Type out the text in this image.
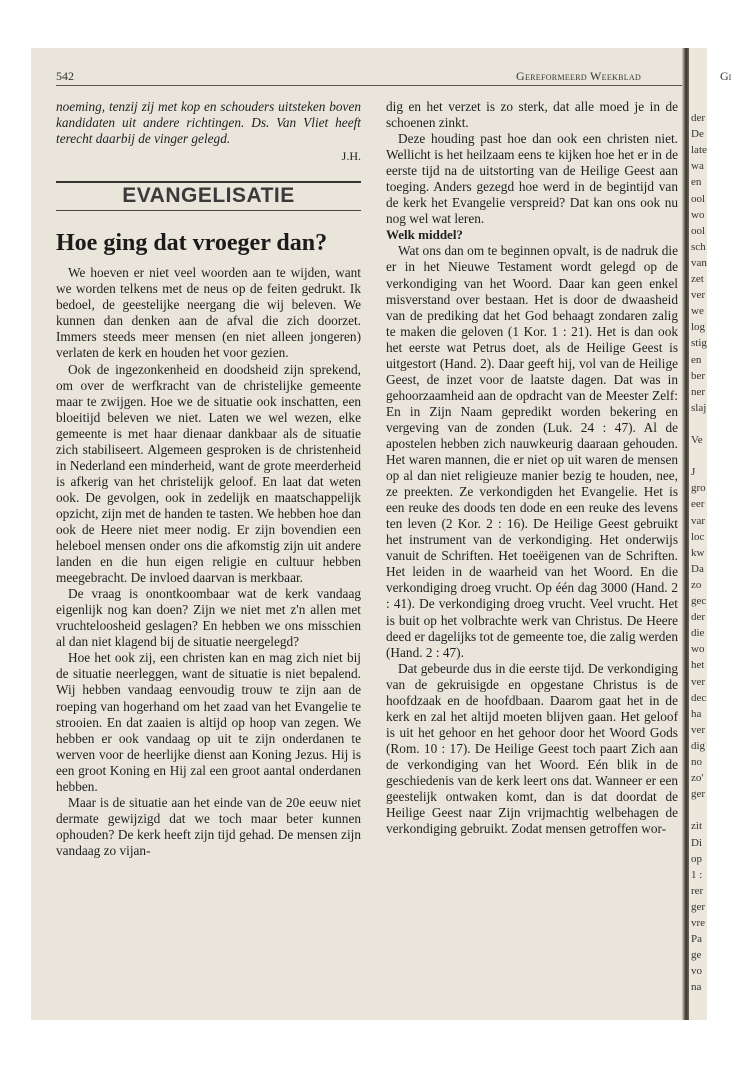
542	Gereformeerd Weekblad	Gi

noeming, tenzij zij met kop en schouders uitsteken boven kandidaten uit andere richtingen. Ds. Van Vliet heeft terecht daarbij de vinger gelegd.

J.H.
EVANGELISATIE
Hoe ging dat vroeger dan?

We hoeven er niet veel woorden aan te wijden, want we worden telkens met de neus op de feiten gedrukt. Ik bedoel, de geestelijke neergang die wij beleven. We kunnen dan denken aan de afval die zich doorzet. Immers steeds meer mensen (en niet alleen jongeren) verlaten de kerk en houden het voor gezien.

Ook de ingezonkenheid en doodsheid zijn sprekend, om over de werfkracht van de christelijke gemeente maar te zwijgen. Hoe we de situatie ook inschatten, een bloeitijd beleven we niet. Laten we wel wezen, elke gemeente is met haar dienaar dankbaar als de situatie zich stabiliseert. Algemeen gesproken is de christenheid in Nederland een minderheid, want de grote meerderheid is afkerig van het christelijk geloof. En laat dat weten ook. De gevolgen, ook in zedelijk en maatschappelijk opzicht, zijn met de handen te tasten. We hebben hoe dan ook de Heere niet meer nodig. Er zijn bovendien een heleboel mensen onder ons die afkomstig zijn uit andere landen en die hun eigen religie en cultuur hebben meegebracht. De invloed daarvan is merkbaar.

De vraag is onontkoombaar wat de kerk vandaag eigenlijk nog kan doen? Zijn we niet met z'n allen met vruchteloosheid geslagen? En hebben we ons misschien al dan niet klagend bij de situatie neergelegd?

Hoe het ook zij, een christen kan en mag zich niet bij de situatie neerleggen, want de situatie is niet bepalend. Wij hebben vandaag eenvoudig trouw te zijn aan de roeping van hogerhand om het zaad van het Evangelie te strooien. En dat zaaien is altijd op hoop van zegen. We hebben er ook vandaag op uit te zijn onderdanen te werven voor de heerlijke dienst aan Koning Jezus. Hij is een groot Koning en Hij zal een groot aantal onderdanen hebben.

Maar is de situatie aan het einde van de 20e eeuw niet dermate gewijzigd dat we toch maar beter kunnen ophouden? De kerk heeft zijn tijd gehad. De mensen zijn vandaag zo vijan-

dig en het verzet is zo sterk, dat alle moed je in de schoenen zinkt.

Deze houding past hoe dan ook een christen niet. Wellicht is het heilzaam eens te kijken hoe het er in de eerste tijd na de uitstorting van de Heilige Geest aan toeging. Anders gezegd hoe werd in de begintijd van de kerk het Evangelie verspreid? Dat kan ons ook nu nog wel wat leren.

Welk middel?

Wat ons dan om te beginnen opvalt, is de nadruk die er in het Nieuwe Testament wordt gelegd op de verkondiging van het Woord. Daar kan geen enkel misverstand over bestaan. Het is door de dwaasheid van de prediking dat het God behaagt zondaren zalig te maken die geloven (1 Kor. 1 : 21). Het is dan ook het eerste wat Petrus doet, als de Heilige Geest is uitgestort (Hand. 2). Daar geeft hij, vol van de Heilige Geest, de inzet voor de laatste dagen. Dat was in gehoorzaamheid aan de opdracht van de Meester Zelf: En in Zijn Naam gepredikt worden bekering en vergeving van de zonden (Luk. 24 : 47). Al de apostelen hebben zich nauwkeurig daaraan gehouden. Het waren mannen, die er niet op uit waren de mensen op al dan niet religieuze manier bezig te houden, nee, ze preekten. Ze verkondigden het Evangelie. Het is een reuke des doods ten dode en een reuke des levens ten leven (2 Kor. 2 : 16). De Heilige Geest gebruikt het instrument van de verkondiging. Het onderwijs vanuit de Schriften. Het toeëigenen van de Schriften. Het leiden in de waarheid van het Woord. En die verkondiging droeg vrucht. Op één dag 3000 (Hand. 2 : 41). De verkondiging droeg vrucht. Veel vrucht. Het is buit op het volbrachte werk van Christus. De Heere deed er dagelijks tot de gemeente toe, die zalig werden (Hand. 2 : 47).

Dat gebeurde dus in die eerste tijd. De verkondiging van de gekruisigde en opgestane Christus is de hoofdzaak en de hoofdbaan. Daarom gaat het in de kerk en zal het altijd moeten blijven gaan. Het geloof is uit het gehoor en het gehoor door het Woord Gods (Rom. 10 : 17). De Heilige Geest toch paart Zich aan de verkondiging van het Woord. Eén blik in de geschiedenis van de kerk leert ons dat. Wanneer er een geestelijk ontwaken komt, dan is dat doordat de Heilige Geest naar Zijn vrijmachtig welbehagen de verkondiging gebruikt. Zodat mensen getroffen wor-

der
De
late
wa
en
ool
wo
ool
sch
van
zet
ver
we
log
stig
en
ber
ner
slaj
Ve
J
gro
eer
var
loc
kw
Da
zo
gec
der
die
wo
het
ver
dec
ha
ver
dig
no
zo'
ger
zit
Di
op
1 :
rer
ger
vre
Pa
ge
vo
na
